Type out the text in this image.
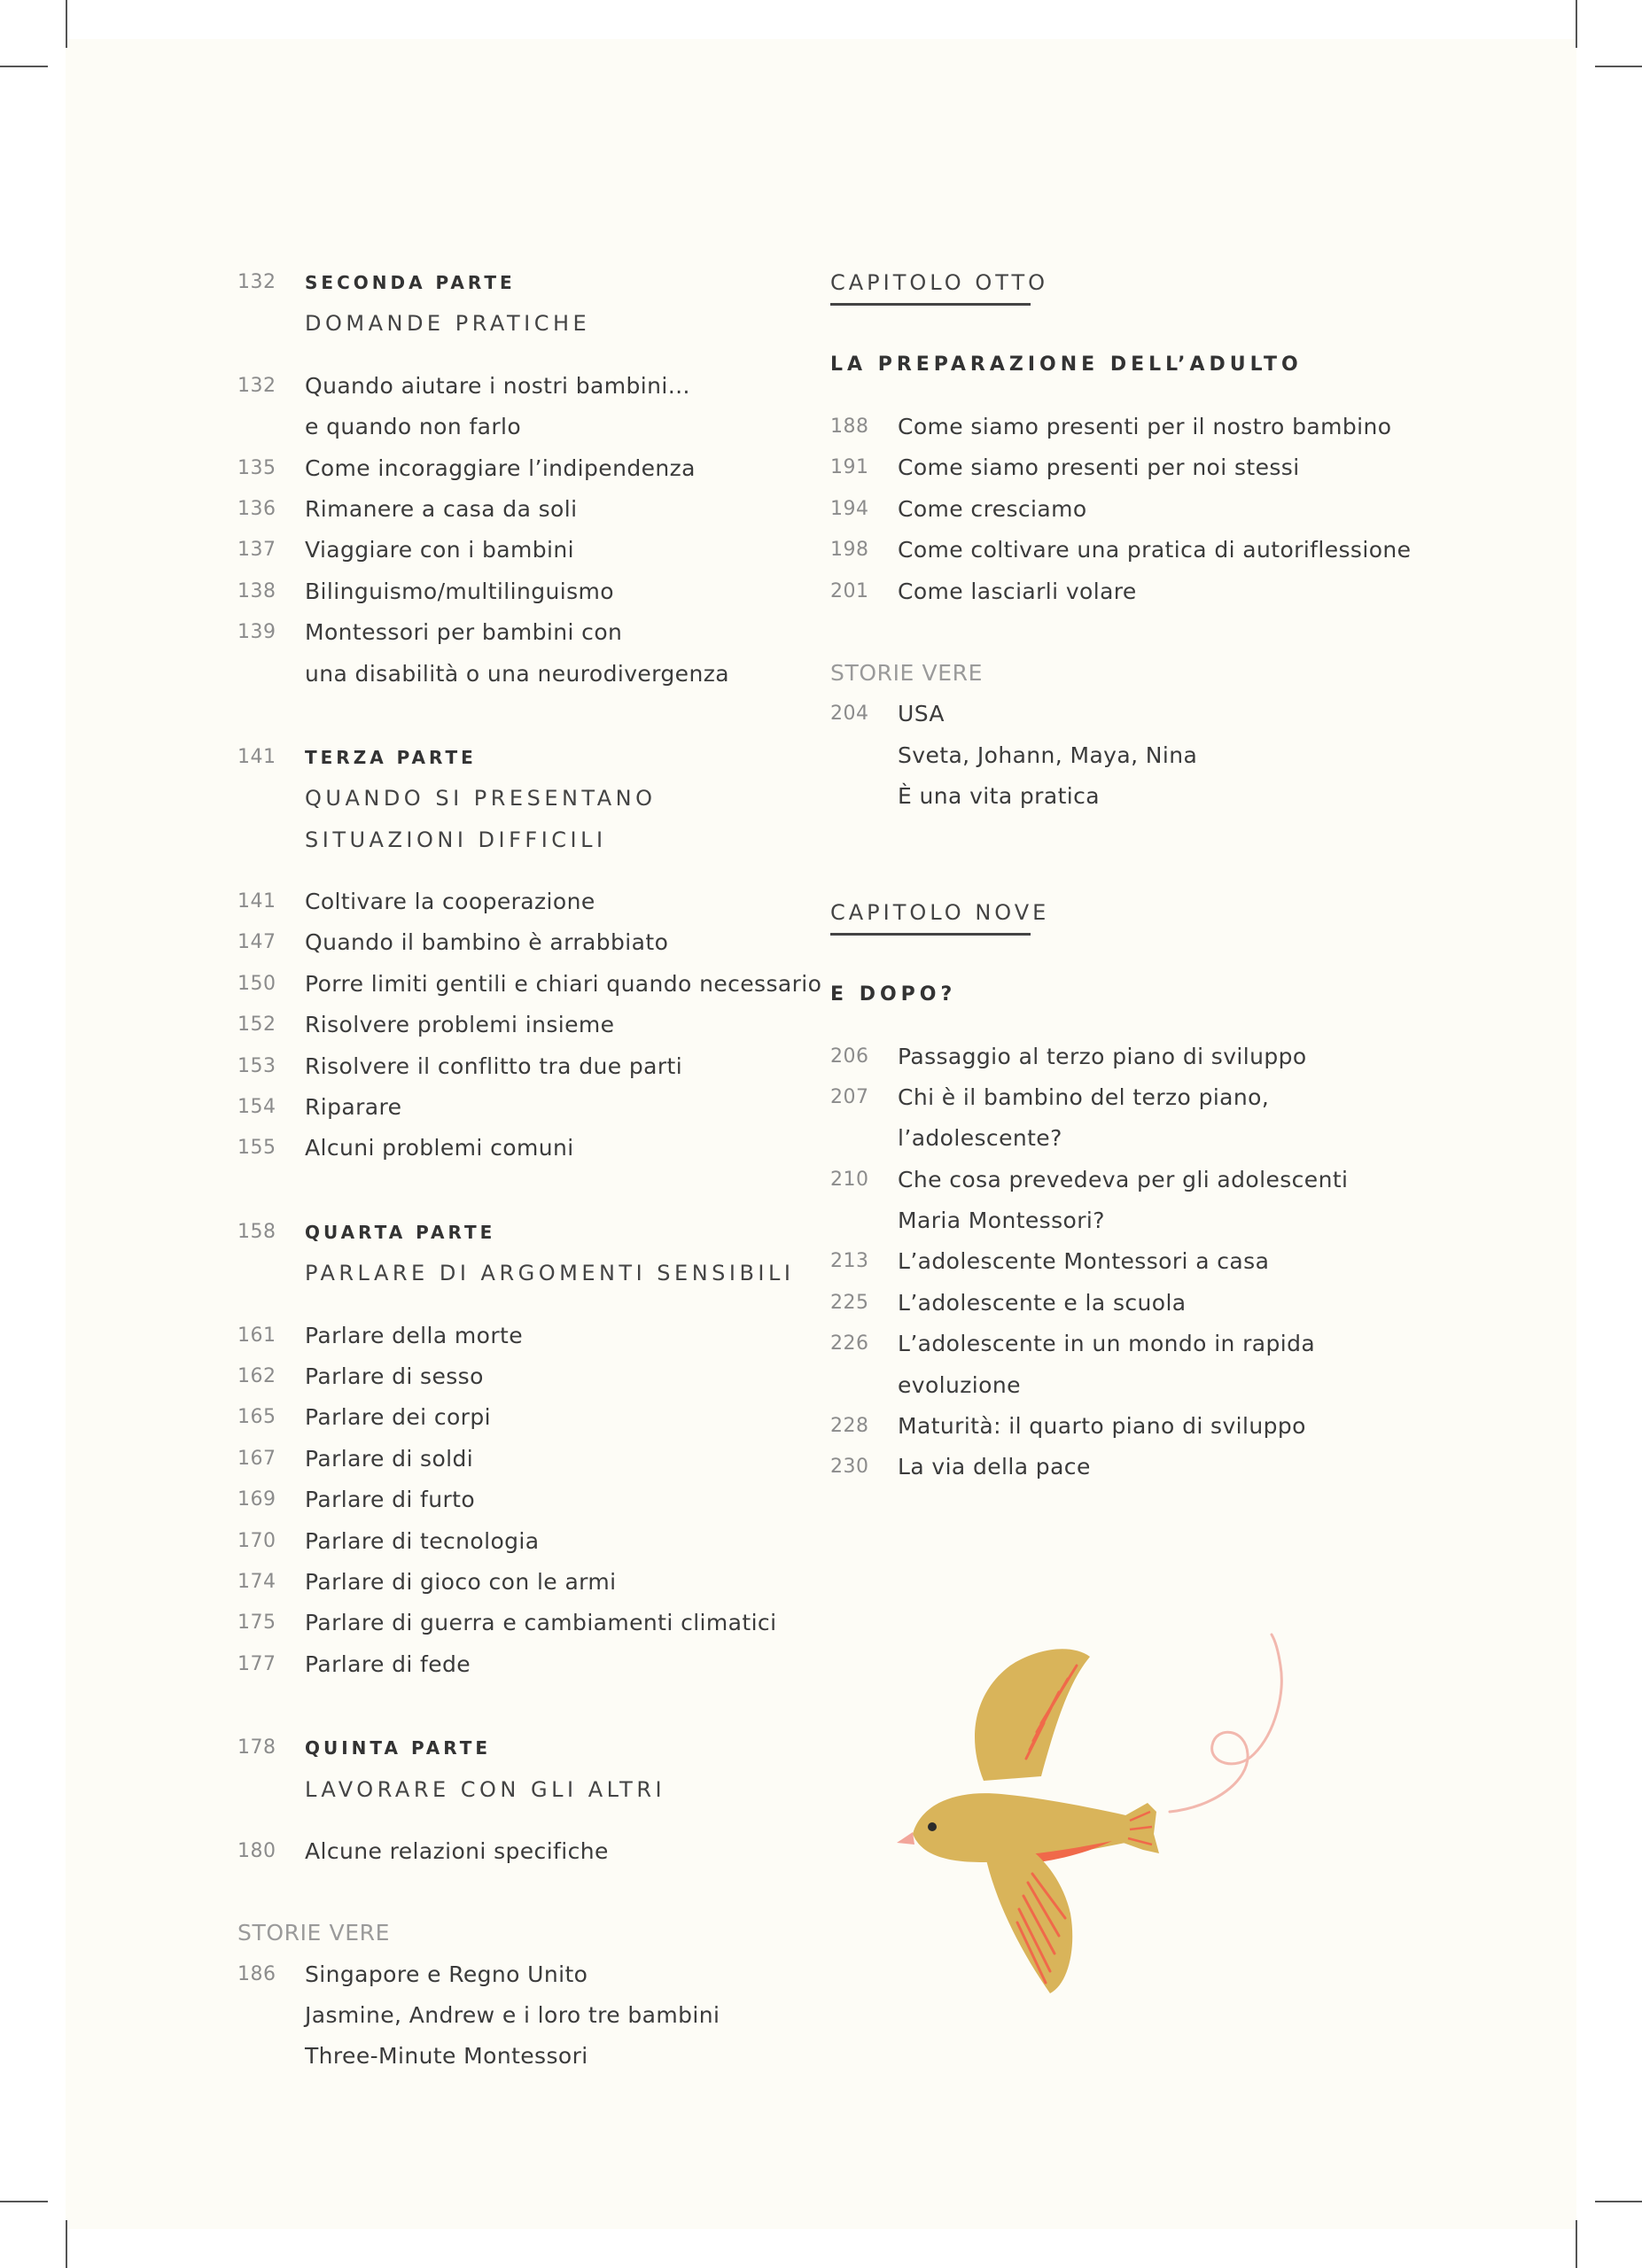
132 SECONDA PARTE
DOMANDE PRATICHE
132 Quando aiutare i nostri bambini…
e quando non farlo
135 Come incoraggiare l’indipendenza
136 Rimanere a casa da soli
137 Viaggiare con i bambini
138 Bilinguismo/multilinguismo
139 Montessori per bambini con
una disabilità o una neurodivergenza
141 TERZA PARTE
QUANDO SI PRESENTANO
SITUAZIONI DIFFICILI
141 Coltivare la cooperazione
147 Quando il bambino è arrabbiato
150 Porre limiti gentili e chiari quando necessario
152 Risolvere problemi insieme
153 Risolvere il conflitto tra due parti
154 Riparare
155 Alcuni problemi comuni
158 QUARTA PARTE
PARLARE DI ARGOMENTI SENSIBILI
161 Parlare della morte
162 Parlare di sesso
165 Parlare dei corpi
167 Parlare di soldi
169 Parlare di furto
170 Parlare di tecnologia
174 Parlare di gioco con le armi
175 Parlare di guerra e cambiamenti climatici
177 Parlare di fede
178 QUINTA PARTE
LAVORARE CON GLI ALTRI
180 Alcune relazioni specifiche
STORIE VERE
186 Singapore e Regno Unito
Jasmine, Andrew e i loro tre bambini
Three-Minute Montessori
CAPITOLO OTTO
LA PREPARAZIONE DELL’ADULTO
188 Come siamo presenti per il nostro bambino
191 Come siamo presenti per noi stessi
194 Come cresciamo
198 Come coltivare una pratica di autoriflessione
201 Come lasciarli volare
STORIE VERE
204 USA
Sveta, Johann, Maya, Nina
È una vita pratica
CAPITOLO NOVE
E DOPO?
206 Passaggio al terzo piano di sviluppo
207 Chi è il bambino del terzo piano,
l’adolescente?
210 Che cosa prevedeva per gli adolescenti
Maria Montessori?
213 L’adolescente Montessori a casa
225 L’adolescente e la scuola
226 L’adolescente in un mondo in rapida
evoluzione
228 Maturità: il quarto piano di sviluppo
230 La via della pace
